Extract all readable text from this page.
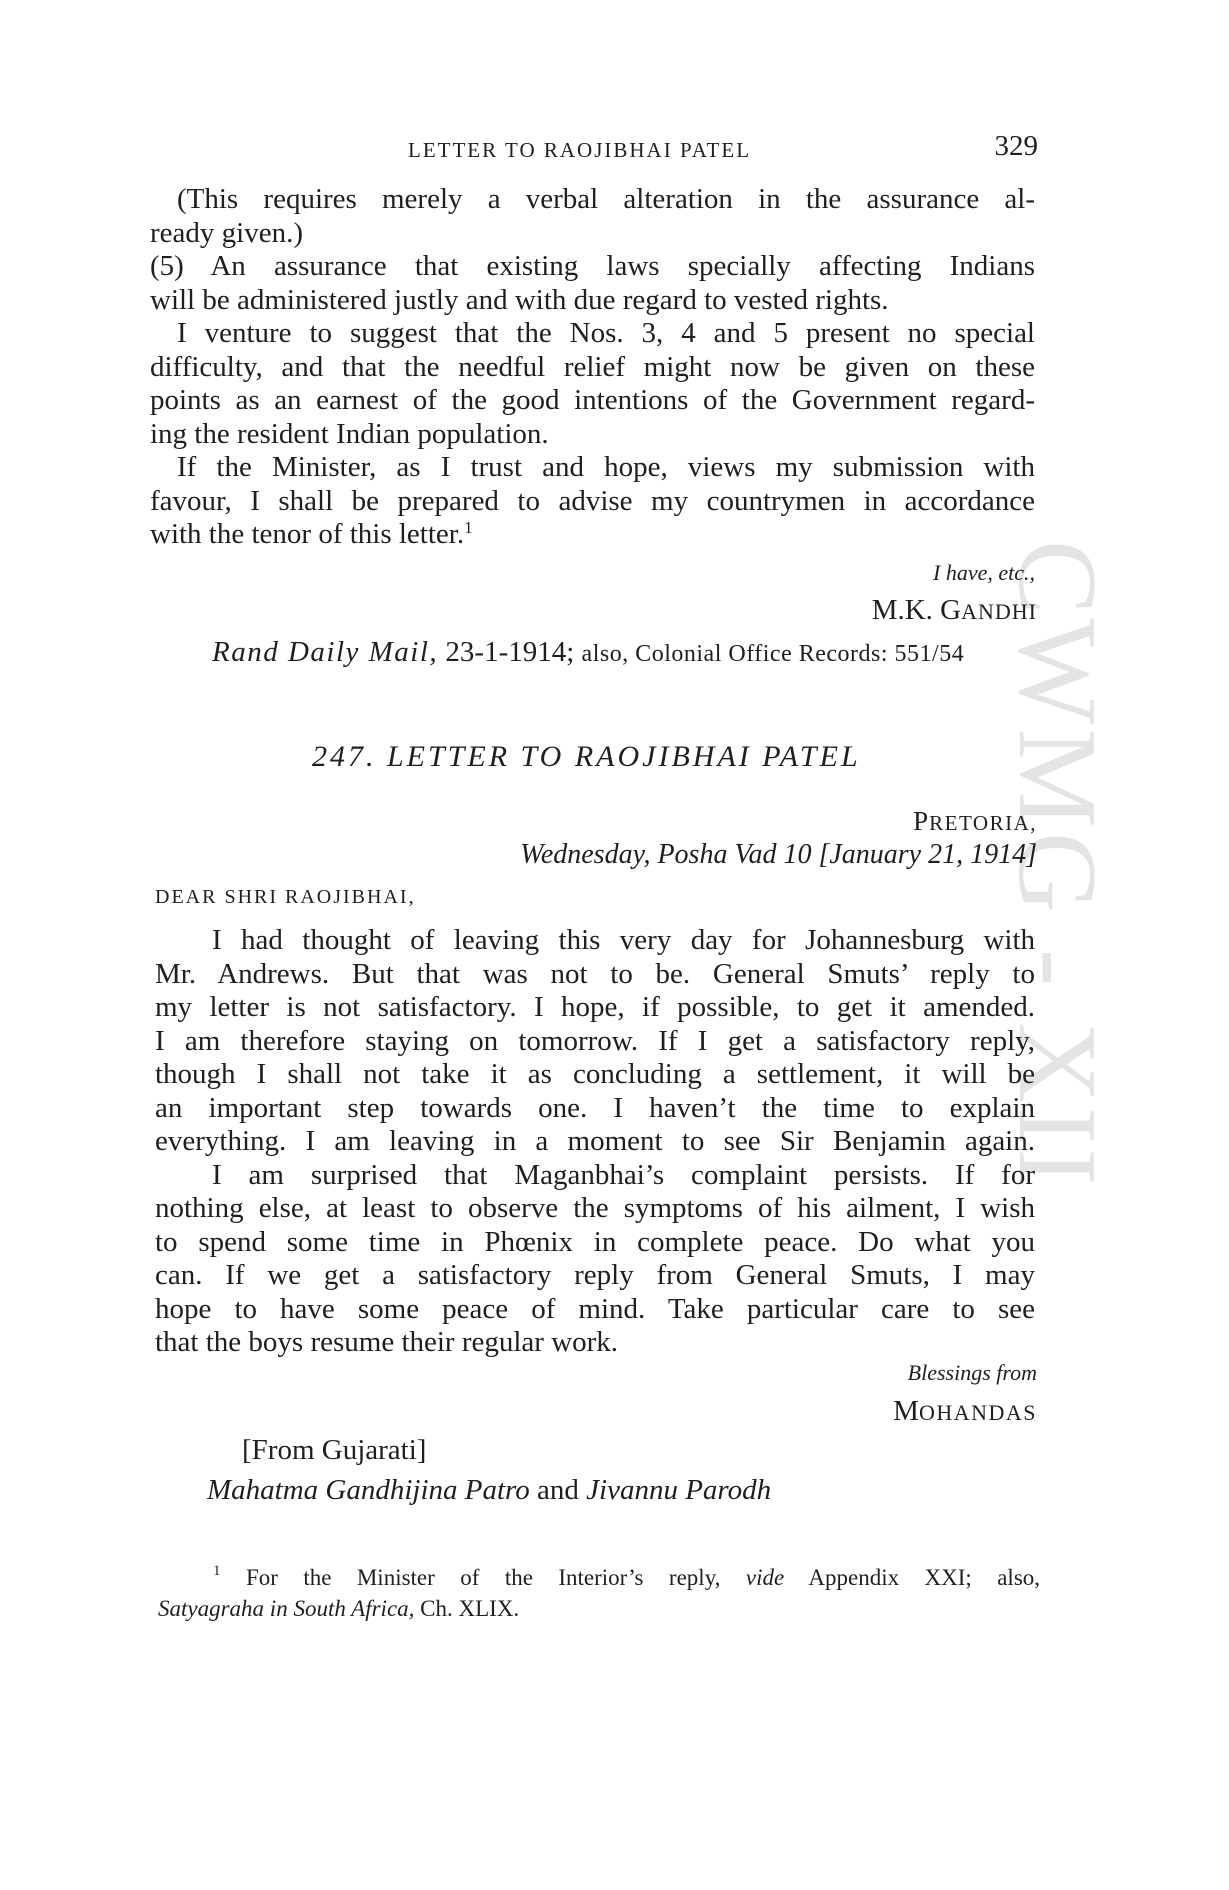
CWMG XII
LETTER TO RAOJIBHAI PATEL	329

(This requires merely a verbal alteration in the assurance al-

ready given.)

(5) An assurance that existing laws specially affecting Indians

will be administered justly and with due regard to vested rights.

I venture to suggest that the Nos. 3, 4 and 5 present no special

difficulty, and that the needful relief might now be given on these

points as an earnest of the good intentions of the Government regard-

ing the resident Indian population.

If the Minister, as I trust and hope, views my submission with

favour, I shall be prepared to advise my countrymen in accordance

with the tenor of this letter.$^1$

I have, etc.,
M.K. GANDHI
Rand Daily Mail, 23-1-1914; also, Colonial Office Records: 551/54
247. LETTER TO RAOJIBHAI PATEL
PRETORIA,
Wednesday, Posha Vad 10 [January 21, 1914]
DEAR SHRI RAOJIBHAI,

I had thought of leaving this very day for Johannesburg with

Mr. Andrews. But that was not to be. General Smuts’ reply to

my letter is not satisfactory. I hope, if possible, to get it amended.

I am therefore staying on tomorrow. If I get a satisfactory reply,

though I shall not take it as concluding a settlement, it will be

an important step towards one. I haven’t the time to explain

everything. I am leaving in a moment to see Sir Benjamin again.

I am surprised that Maganbhai’s complaint persists. If for

nothing else, at least to observe the symptoms of his ailment, I wish

to spend some time in Phœnix in complete peace. Do what you

can. If we get a satisfactory reply from General Smuts, I may

hope to have some peace of mind. Take particular care to see

that the boys resume their regular work.

Blessings from
MOHANDAS
[From Gujarati]
Mahatma Gandhijina Patro and Jivannu Parodh

$^1$ For the Minister of the Interior’s reply, vide Appendix XXI; also,

Satyagraha in South Africa, Ch. XLIX.
